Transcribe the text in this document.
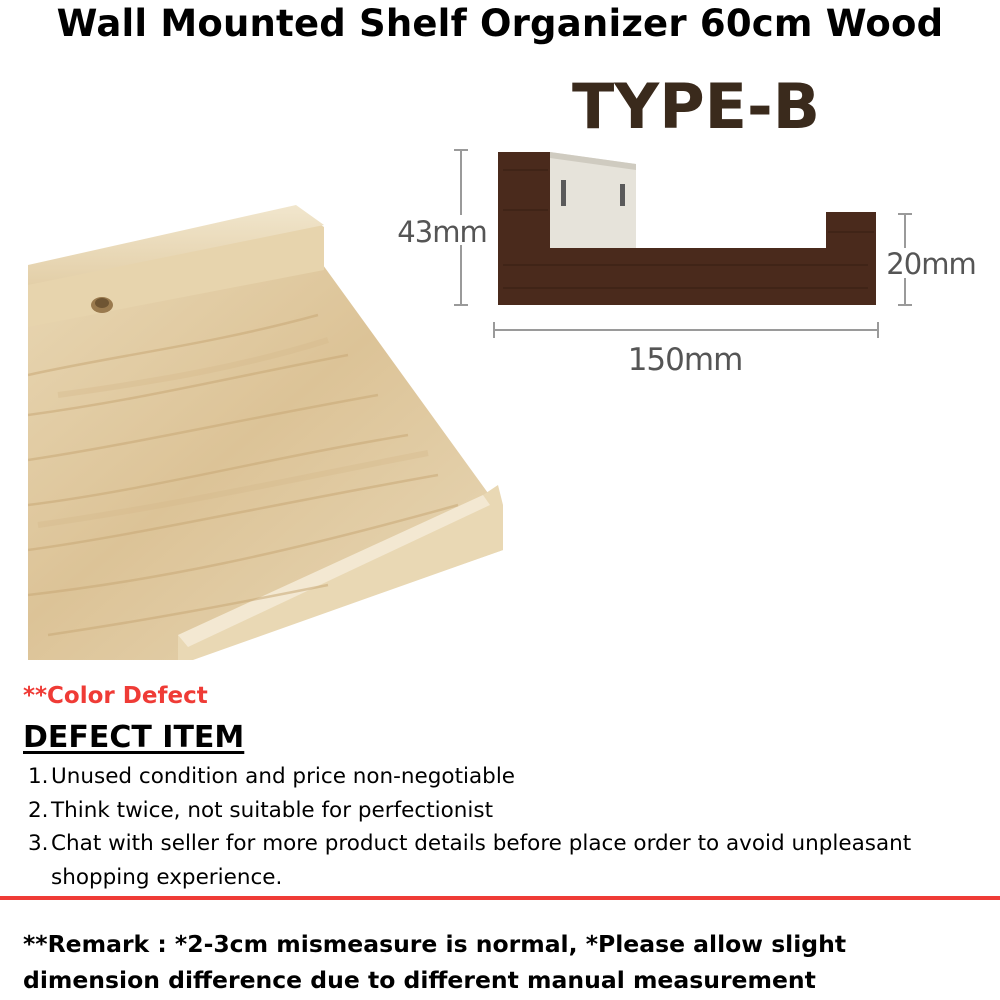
Wall Mounted Shelf Organizer 60cm Wood
TYPE-B
43mm
20mm
150mm
**Color Defect
DEFECT ITEM
1. Unused condition and price non-negotiable
2. Think twice, not suitable for perfectionist
3. Chat with seller for more product details before place order to avoid unpleasant shopping experience.
**Remark : *2-3cm mismeasure is normal, *Please allow slight dimension difference due to different manual measurement
